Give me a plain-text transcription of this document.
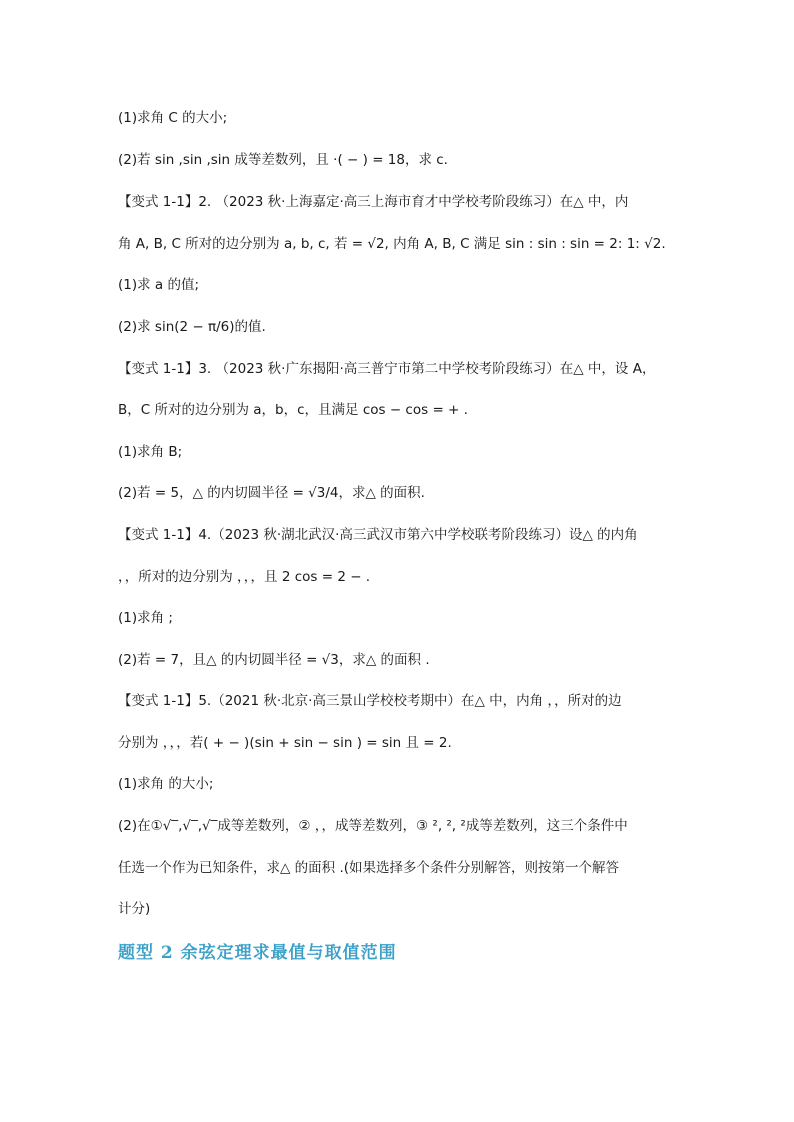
(1)求角 C 的大小;
(2)若 sin ,sin ,sin 成等差数列，且 ·( − ) = 18，求 c.
【变式 1-1】2. （2023 秋·上海嘉定·高三上海市育才中学校考阶段练习）在△ 中，内
角 A, B, C 所对的边分别为 a, b, c, 若 = √2, 内角 A, B, C 满足 sin : sin : sin = 2: 1: √2.
(1)求 a 的值;
(2)求 sin(2 − π/6)的值.
【变式 1-1】3. （2023 秋·广东揭阳·高三普宁市第二中学校考阶段练习）在△ 中，设 A，
B，C 所对的边分别为 a，b，c，且满足 cos − cos = + .
(1)求角 B;
(2)若 = 5，△ 的内切圆半径 = √3/4，求△ 的面积.
【变式 1-1】4.（2023 秋·湖北武汉·高三武汉市第六中学校联考阶段练习）设△ 的内角
，，所对的边分别为 ，，，且 2 cos = 2 − .
(1)求角 ;
(2)若 = 7，且△ 的内切圆半径 = √3，求△ 的面积 .
【变式 1-1】5.（2021 秋·北京·高三景山学校校考期中）在△ 中，内角 ，，所对的边
分别为 ，，，若( + − )(sin + sin − sin ) = sin 且 = 2.
(1)求角 的大小;
(2)在①√‾,√‾,√‾成等差数列，② ，，成等差数列，③ ², ², ²成等差数列，这三个条件中
任选一个作为已知条件，求△ 的面积 .(如果选择多个条件分别解答，则按第一个解答
计分)
题型 2 余弦定理求最值与取值范围
